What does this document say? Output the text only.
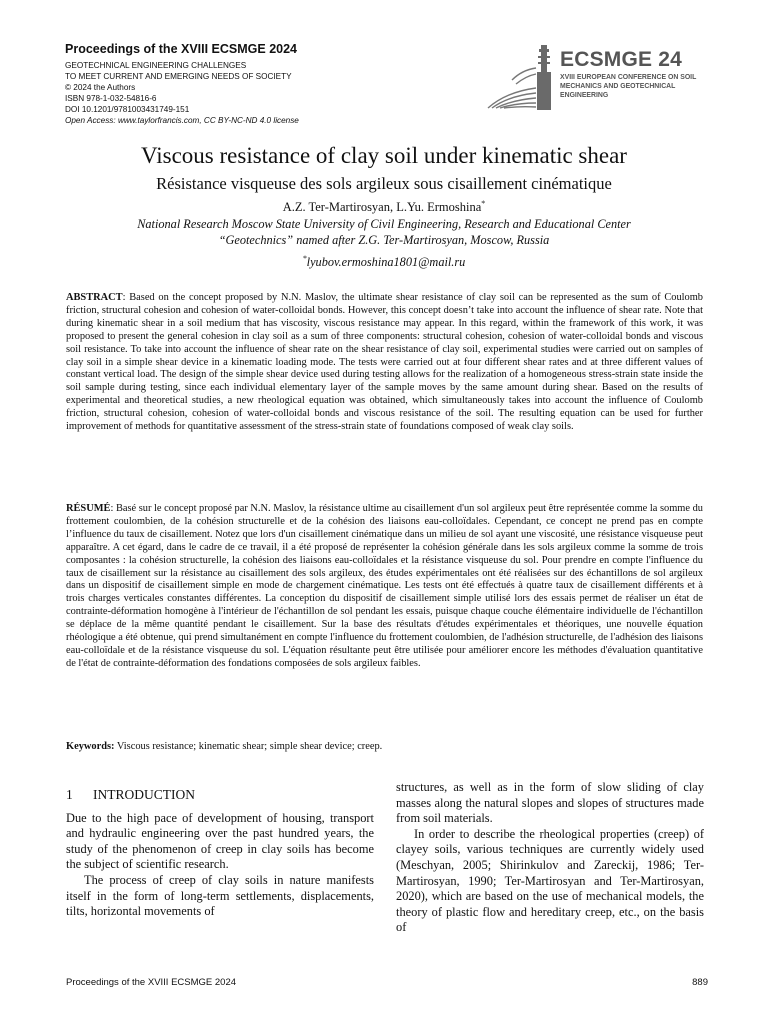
Proceedings of the XVIII ECSMGE 2024
GEOTECHNICAL ENGINEERING CHALLENGES
TO MEET CURRENT AND EMERGING NEEDS OF SOCIETY
© 2024 the Authors
ISBN 978-1-032-54816-6
DOI 10.1201/9781003431749-151
Open Access: www.taylorfrancis.com, CC BY-NC-ND 4.0 license
ECSMGE 24
XVIII EUROPEAN CONFERENCE ON SOIL MECHANICS AND GEOTECHNICAL ENGINEERING
Viscous resistance of clay soil under kinematic shear
Résistance visqueuse des sols argileux sous cisaillement cinématique
A.Z. Ter-Martirosyan, L.Yu. Ermoshina*
National Research Moscow State University of Civil Engineering, Research and Educational Center
“Geotechnics” named after Z.G. Ter-Martirosyan, Moscow, Russia
*lyubov.ermoshina1801@mail.ru
ABSTRACT: Based on the concept proposed by N.N. Maslov, the ultimate shear resistance of clay soil can be represented as the sum of Coulomb friction, structural cohesion and cohesion of water-colloidal bonds. However, this concept doesn’t take into account the influence of shear rate. Note that during kinematic shear in a soil medium that has viscosity, viscous resistance may appear. In this regard, within the framework of this work, it was proposed to present the general cohesion in clay soil as a sum of three components: structural cohesion, cohesion of water-colloidal bonds and viscous soil resistance. To take into account the influence of shear rate on the shear resistance of clay soil, experimental studies were carried out on samples of clay soil in a simple shear device in a kinematic loading mode. The tests were carried out at four different shear rates and at three different values of constant vertical load. The design of the simple shear device used during testing allows for the realization of a homogeneous stress-strain state inside the soil sample during testing, since each individual elementary layer of the sample moves by the same amount during shear. Based on the results of experimental and theoretical studies, a new rheological equation was obtained, which simultaneously takes into account the influence of Coulomb friction, structural cohesion, cohesion of water-colloidal bonds and viscous resistance of the soil. The resulting equation can be used for further improvement of methods for quantitative assessment of the stress-strain state of foundations composed of weak clay soils.
RÉSUMÉ: Basé sur le concept proposé par N.N. Maslov, la résistance ultime au cisaillement d'un sol argileux peut être représentée comme la somme du frottement coulombien, de la cohésion structurelle et de la cohésion des liaisons eau-colloïdales. Cependant, ce concept ne prend pas en compte l’influence du taux de cisaillement. Notez que lors d'un cisaillement cinématique dans un milieu de sol ayant une viscosité, une résistance visqueuse peut apparaître. A cet égard, dans le cadre de ce travail, il a été proposé de représenter la cohésion générale dans les sols argileux comme la somme de trois composantes : la cohésion structurelle, la cohésion des liaisons eau-colloïdales et la résistance visqueuse du sol. Pour prendre en compte l'influence du taux de cisaillement sur la résistance au cisaillement des sols argileux, des études expérimentales ont été réalisées sur des échantillons de sol argileux dans un dispositif de cisaillement simple en mode de chargement cinématique. Les tests ont été effectués à quatre taux de cisaillement différents et à trois charges verticales constantes différentes. La conception du dispositif de cisaillement simple utilisé lors des essais permet de réaliser un état de contrainte-déformation homogène à l'intérieur de l'échantillon de sol pendant les essais, puisque chaque couche élémentaire individuelle de l'échantillon se déplace de la même quantité pendant le cisaillement. Sur la base des résultats d'études expérimentales et théoriques, une nouvelle équation rhéologique a été obtenue, qui prend simultanément en compte l'influence du frottement coulombien, de l'adhésion structurelle, de l'adhésion des liaisons eau-colloïdale et de la résistance visqueuse du sol. L'équation résultante peut être utilisée pour améliorer encore les méthodes d'évaluation quantitative de l'état de contrainte-déformation des fondations composées de sols argileux faibles.
Keywords: Viscous resistance; kinematic shear; simple shear device; creep.
1 INTRODUCTION

Due to the high pace of development of housing, transport and hydraulic engineering over the past hundred years, the study of the phenomenon of creep in clay soils has become the subject of scientific research.

The process of creep of clay soils in nature manifests itself in the form of long-term settlements, displacements, tilts, horizontal movements of

structures, as well as in the form of slow sliding of clay masses along the natural slopes and slopes of structures made from soil materials.

In order to describe the rheological properties (creep) of clayey soils, various techniques are currently widely used (Meschyan, 2005; Shirinkulov and Zareckij, 1986; Ter-Martirosyan, 1990; Ter-Martirosyan and Ter-Martirosyan, 2020), which are based on the use of mechanical models, the theory of plastic flow and hereditary creep, etc., on the basis of

Proceedings of the XVIII ECSMGE 2024	889
